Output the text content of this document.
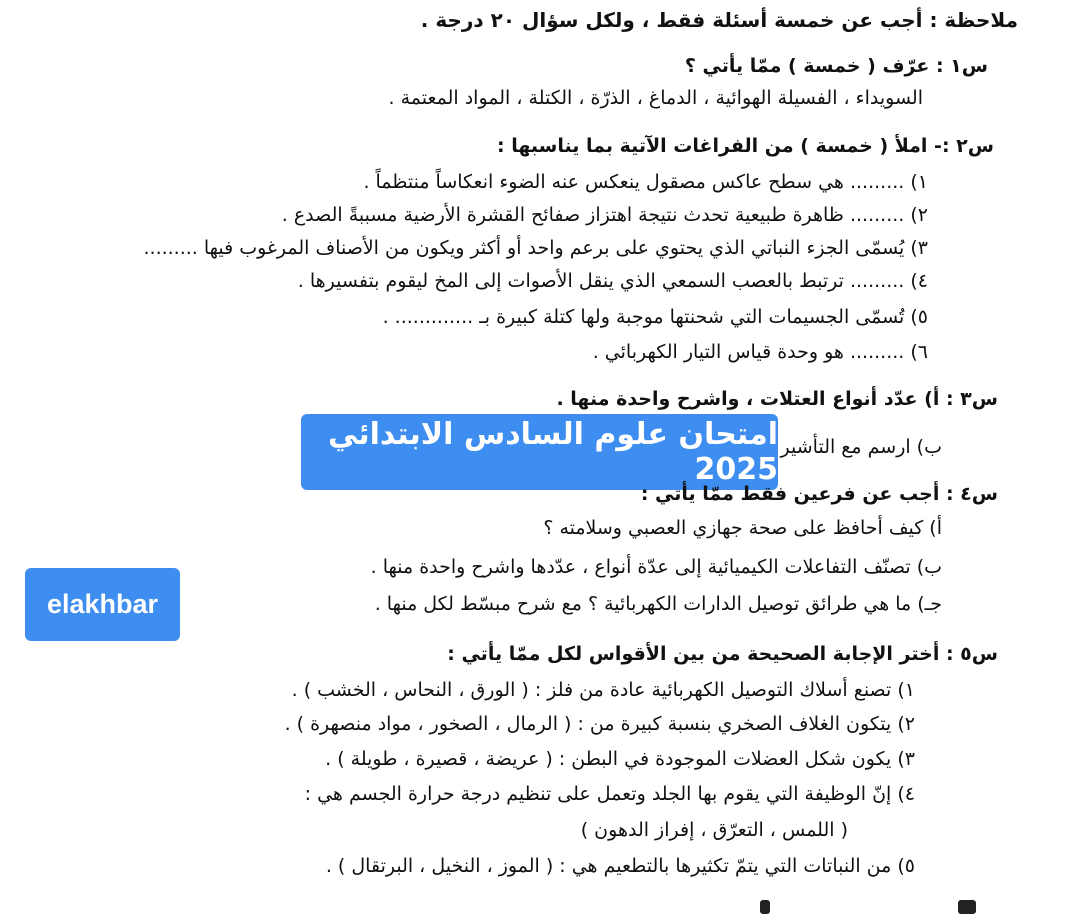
ملاحظة : أجب عن خمسة أسئلة فقط ، ولكل سؤال ٢٠ درجة .
س١ : عرّف ( خمسة ) ممّا يأتي ؟
السويداء ، الفسيلة الهوائية ، الدماغ ، الذرّة ، الكتلة ، المواد المعتمة .
س٢ :- املأ ( خمسة ) من الفراغات الآتية بما يناسبها :
١) ......... هي سطح عاكس مصقول ينعكس عنه الضوء انعكاساً منتظماً .
٢) ......... ظاهرة طبيعية تحدث نتيجة اهتزاز صفائح القشرة الأرضية مسببةً الصدع .
٣) يُسمّى الجزء النباتي الذي يحتوي على برعم واحد أو أكثر ويكون من الأصناف المرغوب فيها .........
٤) ......... ترتبط بالعصب السمعي الذي ينقل الأصوات إلى المخ ليقوم بتفسيرها .
٥) تُسمّى الجسيمات التي شحنتها موجبة ولها كتلة كبيرة بـ ............. .
٦) ......... هو وحدة قياس التيار الكهربائي .
س٣ : أ) عدّد أنواع العتلات ، واشرح واحدة منها .
ب) ارسم مع التأشير
امتحان علوم السادس الابتدائي 2025
س٤ : أجب عن فرعين فقط ممّا يأتي :
أ) كيف أحافظ على صحة جهازي العصبي وسلامته ؟
ب) تصنّف التفاعلات الكيميائية إلى عدّة أنواع ، عدّدها واشرح واحدة منها .
جـ) ما هي طرائق توصيل الدارات الكهربائية ؟ مع شرح مبسّط لكل منها .
elakhbar
س٥ : أختر الإجابة الصحيحة من بين الأقواس لكل ممّا يأتي :
١) تصنع أسلاك التوصيل الكهربائية عادة من فلز : ( الورق ، النحاس ، الخشب ) .
٢) يتكون الغلاف الصخري بنسبة كبيرة من : ( الرمال ، الصخور ، مواد منصهرة ) .
٣) يكون شكل العضلات الموجودة في البطن : ( عريضة ، قصيرة ، طويلة ) .
٤) إنّ الوظيفة التي يقوم بها الجلد وتعمل على تنظيم درجة حرارة الجسم هي :
( اللمس ، التعرّق ، إفراز الدهون )
٥) من النباتات التي يتمّ تكثيرها بالتطعيم هي : ( الموز ، النخيل ، البرتقال ) .
